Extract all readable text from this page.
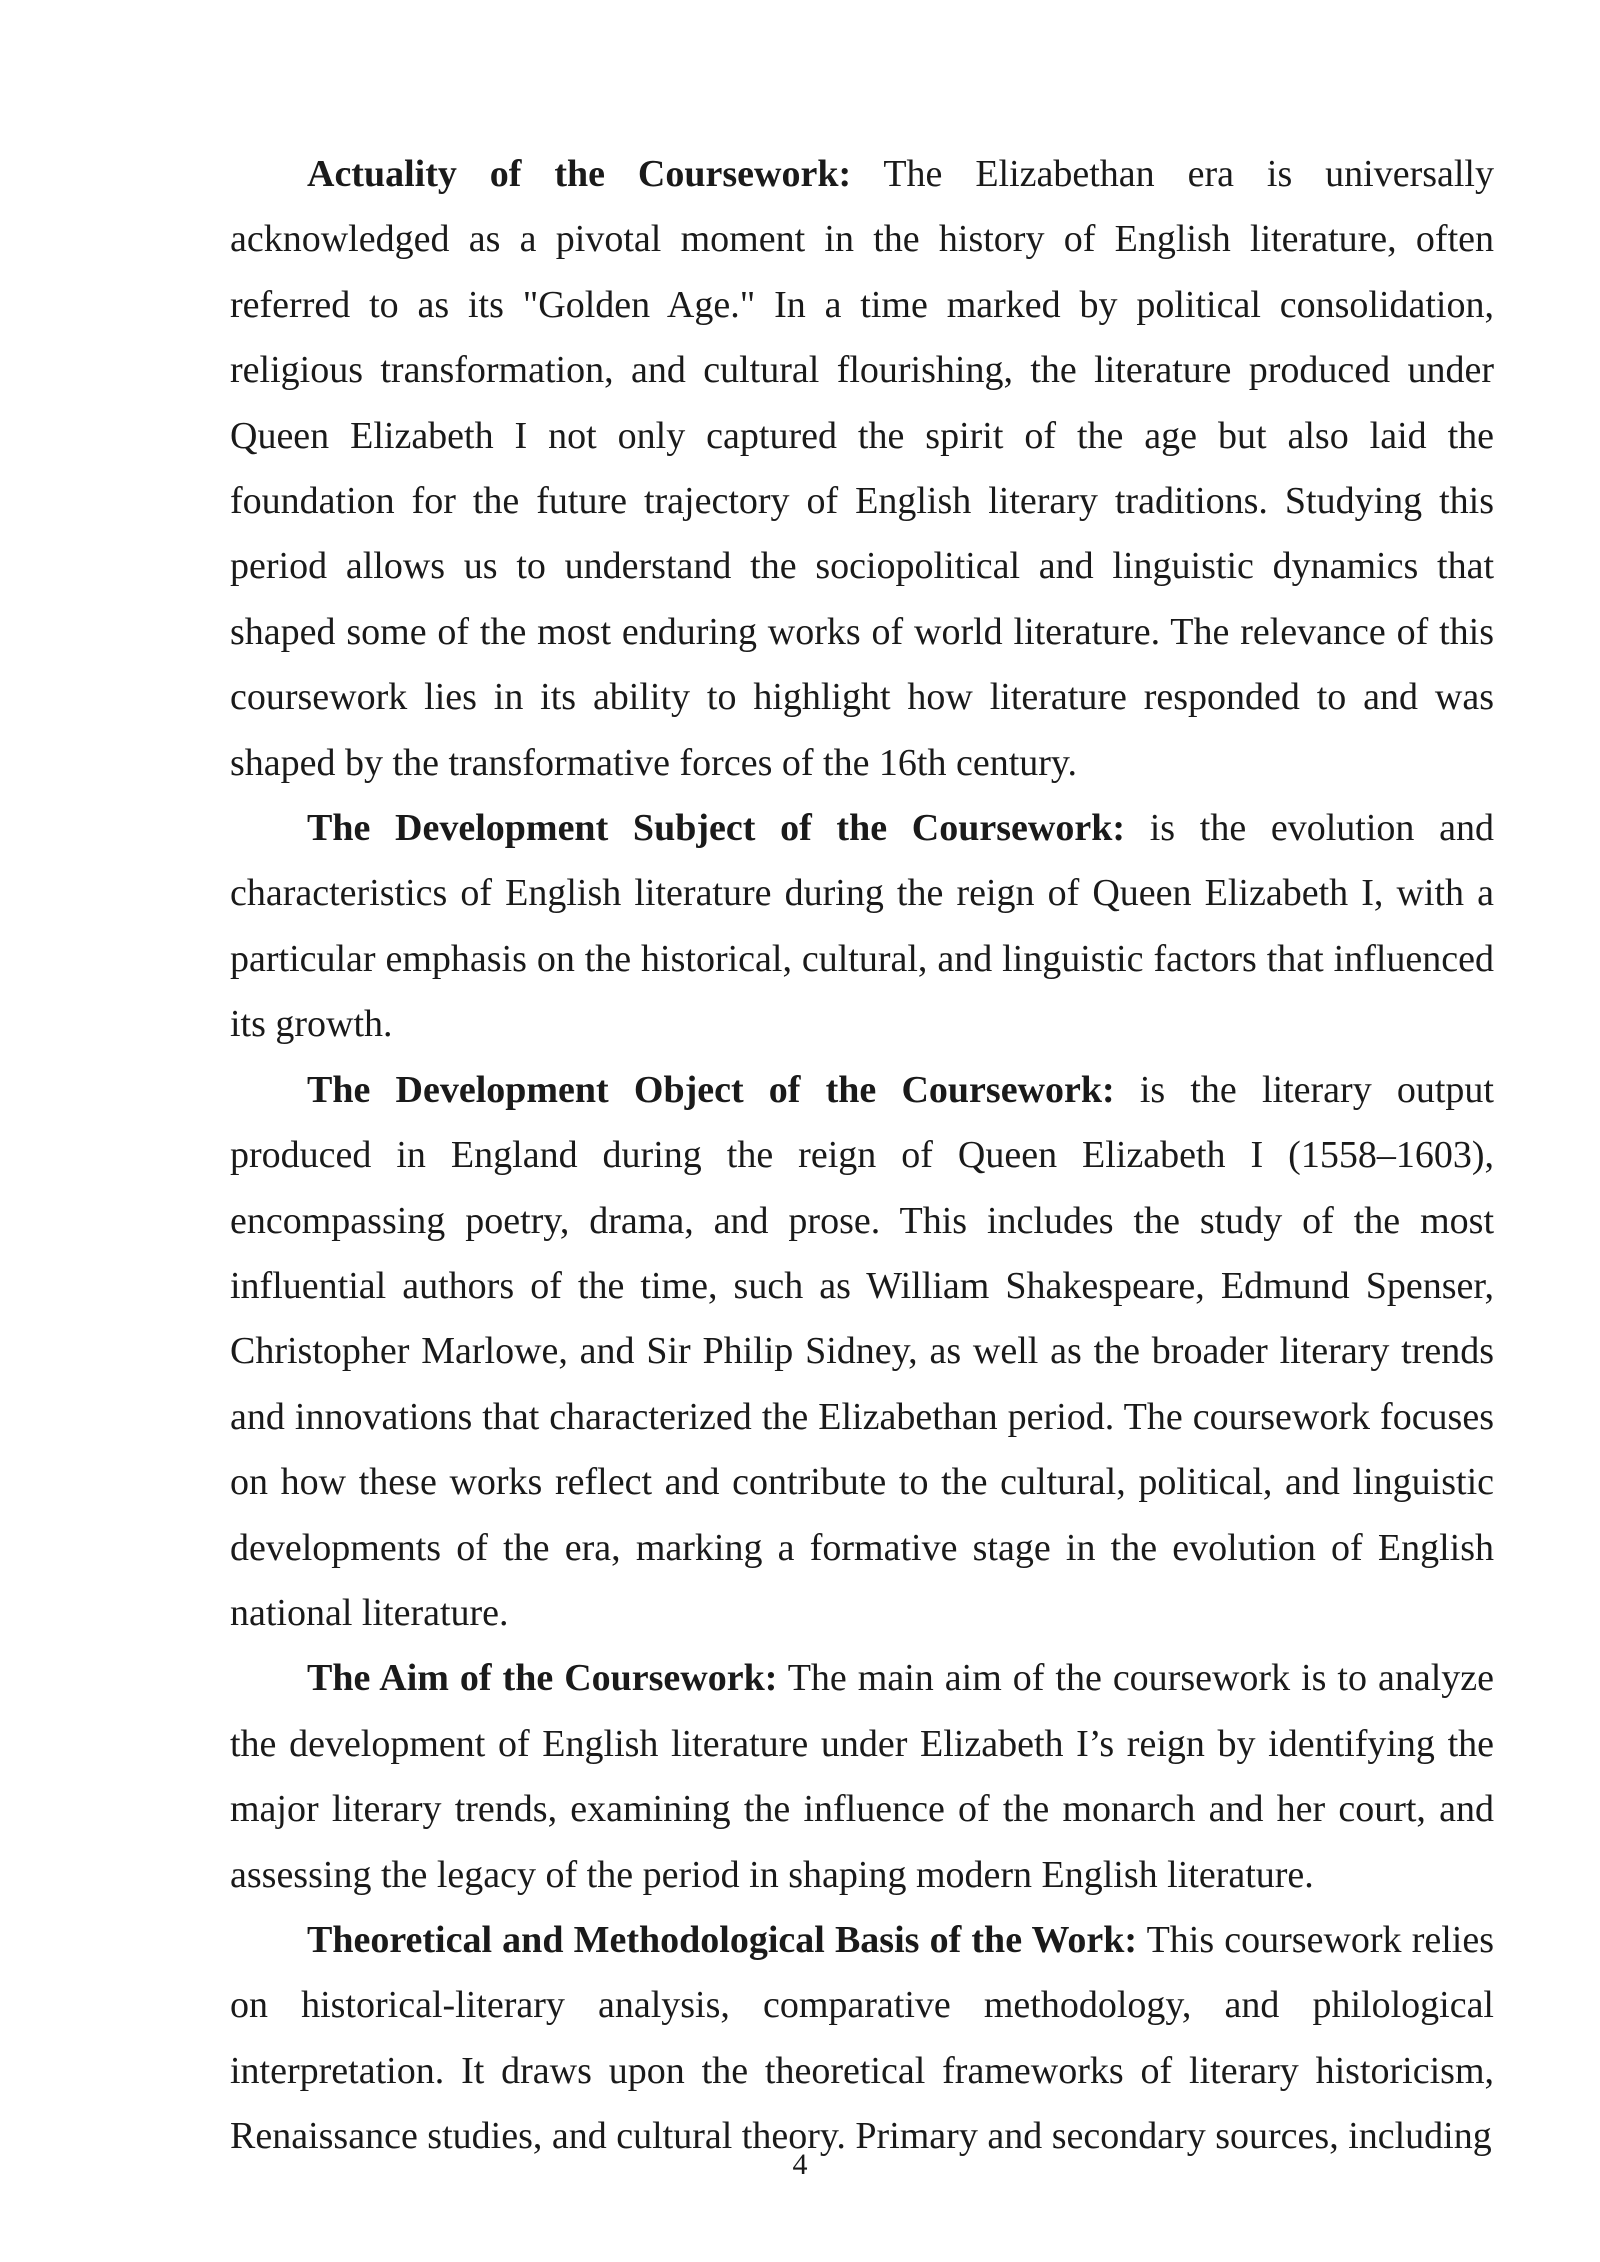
Actuality of the Coursework: The Elizabethan era is universally acknowledged as a pivotal moment in the history of English literature, often referred to as its "Golden Age." In a time marked by political consolidation, religious transformation, and cultural flourishing, the literature produced under Queen Elizabeth I not only captured the spirit of the age but also laid the foundation for the future trajectory of English literary traditions. Studying this period allows us to understand the sociopolitical and linguistic dynamics that shaped some of the most enduring works of world literature. The relevance of this coursework lies in its ability to highlight how literature responded to and was shaped by the transformative forces of the 16th century.

The Development Subject of the Coursework: is the evolution and characteristics of English literature during the reign of Queen Elizabeth I, with a particular emphasis on the historical, cultural, and linguistic factors that influenced its growth.

The Development Object of the Coursework: is the literary output produced in England during the reign of Queen Elizabeth I (1558–1603), encompassing poetry, drama, and prose. This includes the study of the most influential authors of the time, such as William Shakespeare, Edmund Spenser, Christopher Marlowe, and Sir Philip Sidney, as well as the broader literary trends and innovations that characterized the Elizabethan period. The coursework focuses on how these works reflect and contribute to the cultural, political, and linguistic developments of the era, marking a formative stage in the evolution of English national literature.

The Aim of the Coursework: The main aim of the coursework is to analyze the development of English literature under Elizabeth I’s reign by identifying the major literary trends, examining the influence of the monarch and her court, and assessing the legacy of the period in shaping modern English literature.

Theoretical and Methodological Basis of the Work: This coursework relies on historical-literary analysis, comparative methodology, and philological interpretation. It draws upon the theoretical frameworks of literary historicism, Renaissance studies, and cultural theory. Primary and secondary sources, including

4
